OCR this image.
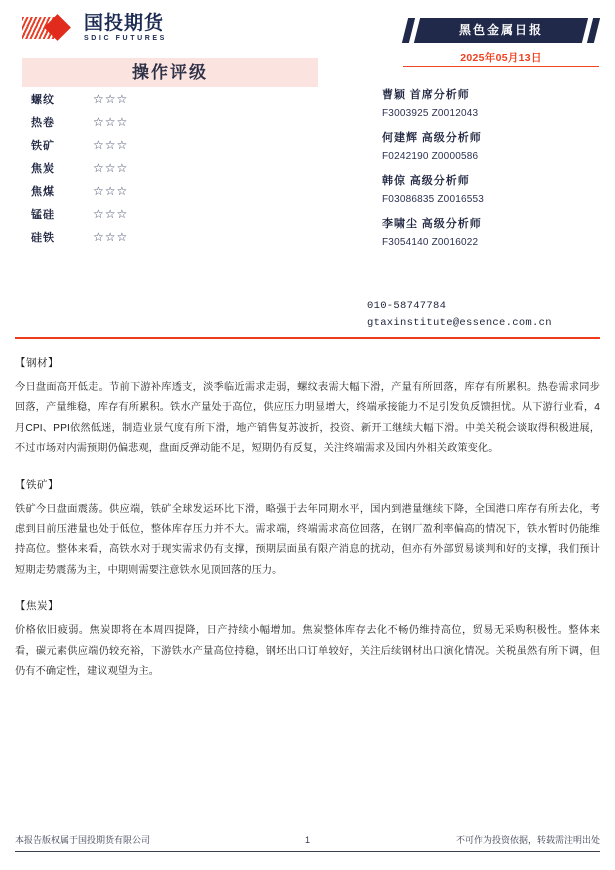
国投期货
SDIC FUTURES
操作评级
螺纹	☆☆☆
热卷	☆☆☆
铁矿	☆☆☆
焦炭	☆☆☆
焦煤	☆☆☆
锰硅	☆☆☆
硅铁	☆☆☆
黑色金属日报
2025年05月13日
曹颖 首席分析师
F3003925 Z0012043
何建辉 高级分析师
F0242190 Z0000586
韩倞 高级分析师
F03086835 Z0016553
李啸尘 高级分析师
F3054140 Z0016022
010-58747784
gtaxinstitute@essence.com.cn
【钢材】
今日盘面高开低走。节前下游补库透支，淡季临近需求走弱，螺纹表需大幅下滑，产量有所回落，库存有所累积。热卷需求同步回落，产量维稳，库存有所累积。铁水产量处于高位，供应压力明显增大，终端承接能力不足引发负反馈担忧。从下游行业看，4月CPI、PPI依然低迷，制造业景气度有所下滑，地产销售复苏波折，投资、新开工继续大幅下滑。中美关税会谈取得积极进展，不过市场对内需预期仍偏悲观，盘面反弹动能不足，短期仍有反复，关注终端需求及国内外相关政策变化。
【铁矿】
铁矿今日盘面震荡。供应端，铁矿全球发运环比下滑，略强于去年同期水平，国内到港量继续下降，全国港口库存有所去化，考虑到目前压港量也处于低位，整体库存压力并不大。需求端，终端需求高位回落，在钢厂盈利率偏高的情况下，铁水暂时仍能维持高位。整体来看，高铁水对于现实需求仍有支撑，预期层面虽有限产消息的扰动，但亦有外部贸易谈判和好的支撑，我们预计短期走势震荡为主，中期则需要注意铁水见顶回落的压力。
【焦炭】
价格依旧疲弱。焦炭即将在本周四提降，日产持续小幅增加。焦炭整体库存去化不畅仍维持高位，贸易无采购积极性。整体来看，碳元素供应端仍较充裕，下游铁水产量高位持稳，钢坯出口订单较好，关注后续钢材出口演化情况。关税虽然有所下调，但仍有不确定性，建议观望为主。
本报告版权属于国投期货有限公司	1	不可作为投资依据，转载需注明出处
